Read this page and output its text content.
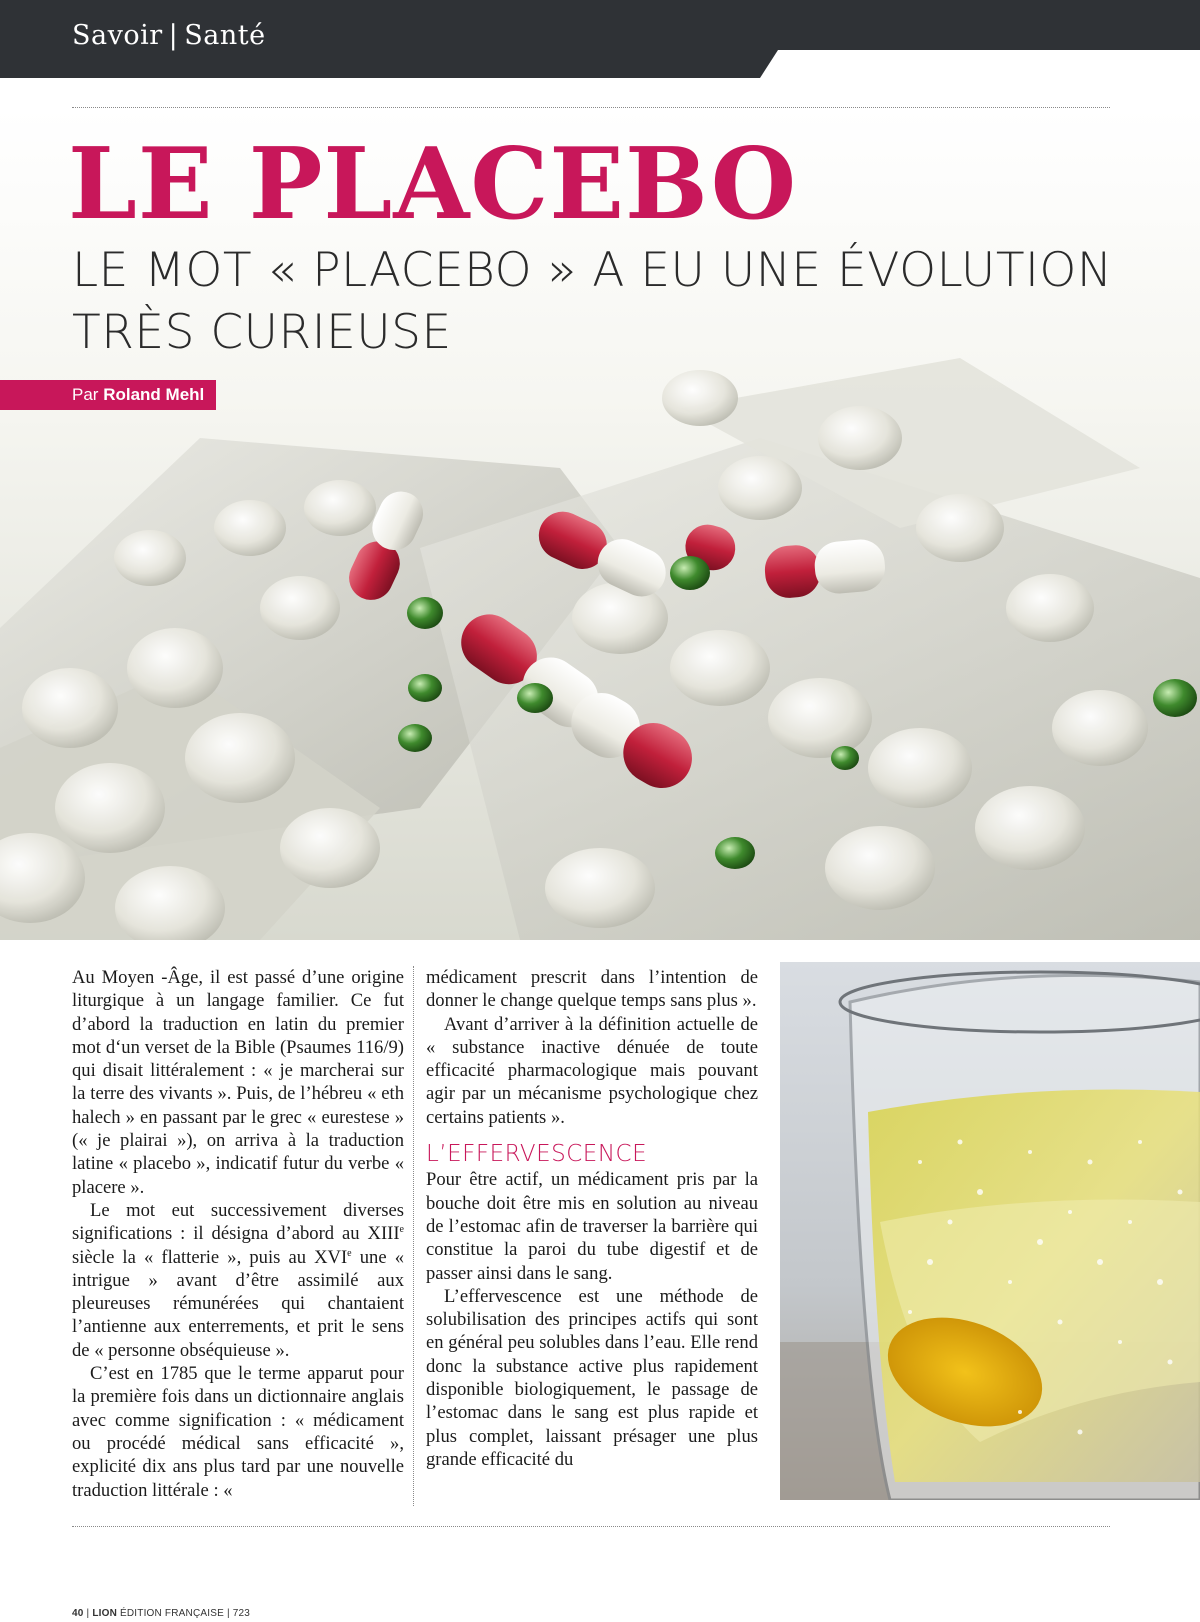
Savoir | Santé
LE PLACEBO
LE MOT « PLACEBO » A EU UNE ÉVOLUTION TRÈS CURIEUSE
Par Roland Mehl

Au Moyen -Âge, il est passé d’une origine liturgique à un langage familier. Ce fut d’abord la traduction en latin du premier mot d‘un verset de la Bible (Psaumes 116/9) qui disait littéralement : « je marcherai sur la terre des vivants ». Puis, de l’hébreu « eth halech » en passant par le grec « eurestese » (« je plairai »), on arriva à la traduction latine « placebo », indicatif futur du verbe « placere ».

Le mot eut successivement diverses significations : il désigna d’abord au XIIIe siècle la « flatterie », puis au XVIe une « intrigue » avant d’être assimilé aux pleureuses rémunérées qui chantaient l’antienne aux enterrements, et prit le sens de « personne obséquieuse ».

C’est en 1785 que le terme apparut pour la première fois dans un dictionnaire anglais avec comme signification : « médicament ou procédé médical sans efficacité », explicité dix ans plus tard par une nouvelle traduction littérale : «

médicament prescrit dans l’intention de donner le change quelque temps sans plus ».

Avant d’arriver à la définition actuelle de « substance inactive dénuée de toute efficacité pharmacologique mais pouvant agir par un mécanisme psychologique chez certains patients ».

L’EFFERVESCENCE

Pour être actif, un médicament pris par la bouche doit être mis en solution au niveau de l’estomac afin de traverser la barrière qui constitue la paroi du tube digestif et de passer ainsi dans le sang.

L’effervescence est une méthode de solubilisation des principes actifs qui sont en général peu solubles dans l’eau. Elle rend donc la substance active plus rapidement disponible biologiquement, le passage de l’estomac dans le sang est plus rapide et plus complet, laissant présager une plus grande efficacité du

40 | LION ÉDITION FRANÇAISE | 723
